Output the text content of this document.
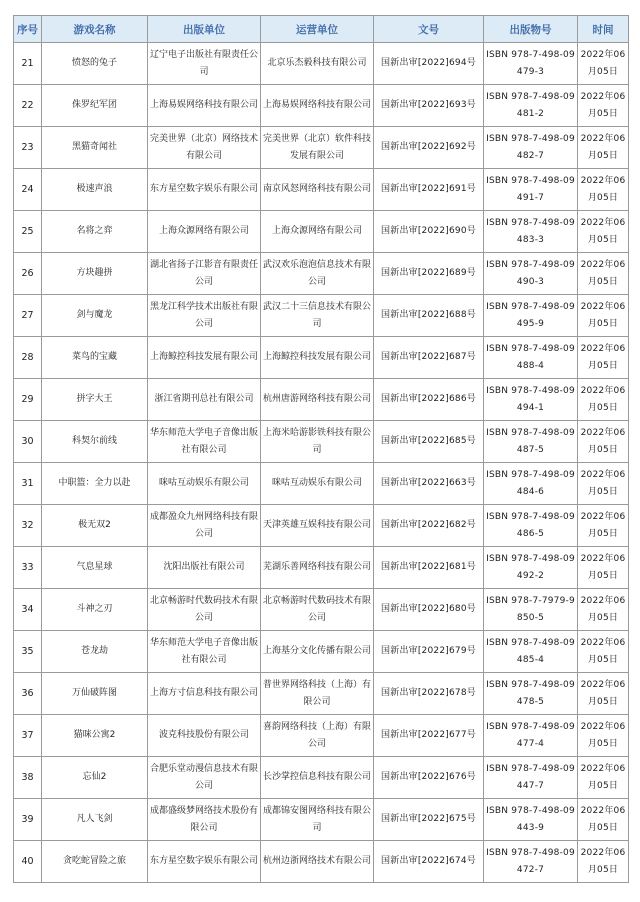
序号	游戏名称	出版单位	运营单位	文号	出版物号	时间
21	愤怒的兔子	辽宁电子出版社有限责任公司	北京乐杰毅科技有限公司	国新出审[2022]694号	ISBN 978-7-498-09479-3	2022年06月05日
22	侏罗纪军团	上海易娱网络科技有限公司	上海易娱网络科技有限公司	国新出审[2022]693号	ISBN 978-7-498-09481-2	2022年06月05日
23	黑猫奇闻社	完美世界（北京）网络技术有限公司	完美世界（北京）软件科技发展有限公司	国新出审[2022]692号	ISBN 978-7-498-09482-7	2022年06月05日
24	极速声浪	东方星空数字娱乐有限公司	南京风怒网络科技有限公司	国新出审[2022]691号	ISBN 978-7-498-09491-7	2022年06月05日
25	名将之弈	上海众源网络有限公司	上海众源网络有限公司	国新出审[2022]690号	ISBN 978-7-498-09483-3	2022年06月05日
26	方块趣拼	湖北省扬子江影音有限责任公司	武汉欢乐泡泡信息技术有限公司	国新出审[2022]689号	ISBN 978-7-498-09490-3	2022年06月05日
27	剑与魔龙	黑龙江科学技术出版社有限公司	武汉二十三信息技术有限公司	国新出审[2022]688号	ISBN 978-7-498-09495-9	2022年06月05日
28	菜鸟的宝藏	上海鲸控科技发展有限公司	上海鲸控科技发展有限公司	国新出审[2022]687号	ISBN 978-7-498-09488-4	2022年06月05日
29	拼字大王	浙江省期刊总社有限公司	杭州唐游网络科技有限公司	国新出审[2022]686号	ISBN 978-7-498-09494-1	2022年06月05日
30	科契尔前线	华东师范大学电子音像出版社有限公司	上海米哈游影铁科技有限公司	国新出审[2022]685号	ISBN 978-7-498-09487-5	2022年06月05日
31	中职篮：全力以赴	咪咕互动娱乐有限公司	咪咕互动娱乐有限公司	国新出审[2022]663号	ISBN 978-7-498-09484-6	2022年06月05日
32	极无双2	成都盈众九州网络科技有限公司	天津英雄互娱科技有限公司	国新出审[2022]682号	ISBN 978-7-498-09486-5	2022年06月05日
33	气息星球	沈阳出版社有限公司	芜湖乐善网络科技有限公司	国新出审[2022]681号	ISBN 978-7-498-09492-2	2022年06月05日
34	斗神之刃	北京畅游时代数码技术有限公司	北京畅游时代数码技术有限公司	国新出审[2022]680号	ISBN 978-7-7979-9850-5	2022年06月05日
35	苍龙劫	华东师范大学电子音像出版社有限公司	上海基分文化传播有限公司	国新出审[2022]679号	ISBN 978-7-498-09485-4	2022年06月05日
36	万仙破阵图	上海方寸信息科技有限公司	普世界网络科技（上海）有限公司	国新出审[2022]678号	ISBN 978-7-498-09478-5	2022年06月05日
37	猫咪公寓2	波克科技股份有限公司	喜韵网络科技（上海）有限公司	国新出审[2022]677号	ISBN 978-7-498-09477-4	2022年06月05日
38	忘仙2	合肥乐堂动漫信息技术有限公司	长沙掌控信息科技有限公司	国新出审[2022]676号	ISBN 978-7-498-09447-7	2022年06月05日
39	凡人飞剑	成都盛级梦网络技术股份有限公司	成都锦安图网络科技有限公司	国新出审[2022]675号	ISBN 978-7-498-09443-9	2022年06月05日
40	贪吃蛇冒险之旅	东方星空数字娱乐有限公司	杭州边浙网络技术有限公司	国新出审[2022]674号	ISBN 978-7-498-09472-7	2022年06月05日
